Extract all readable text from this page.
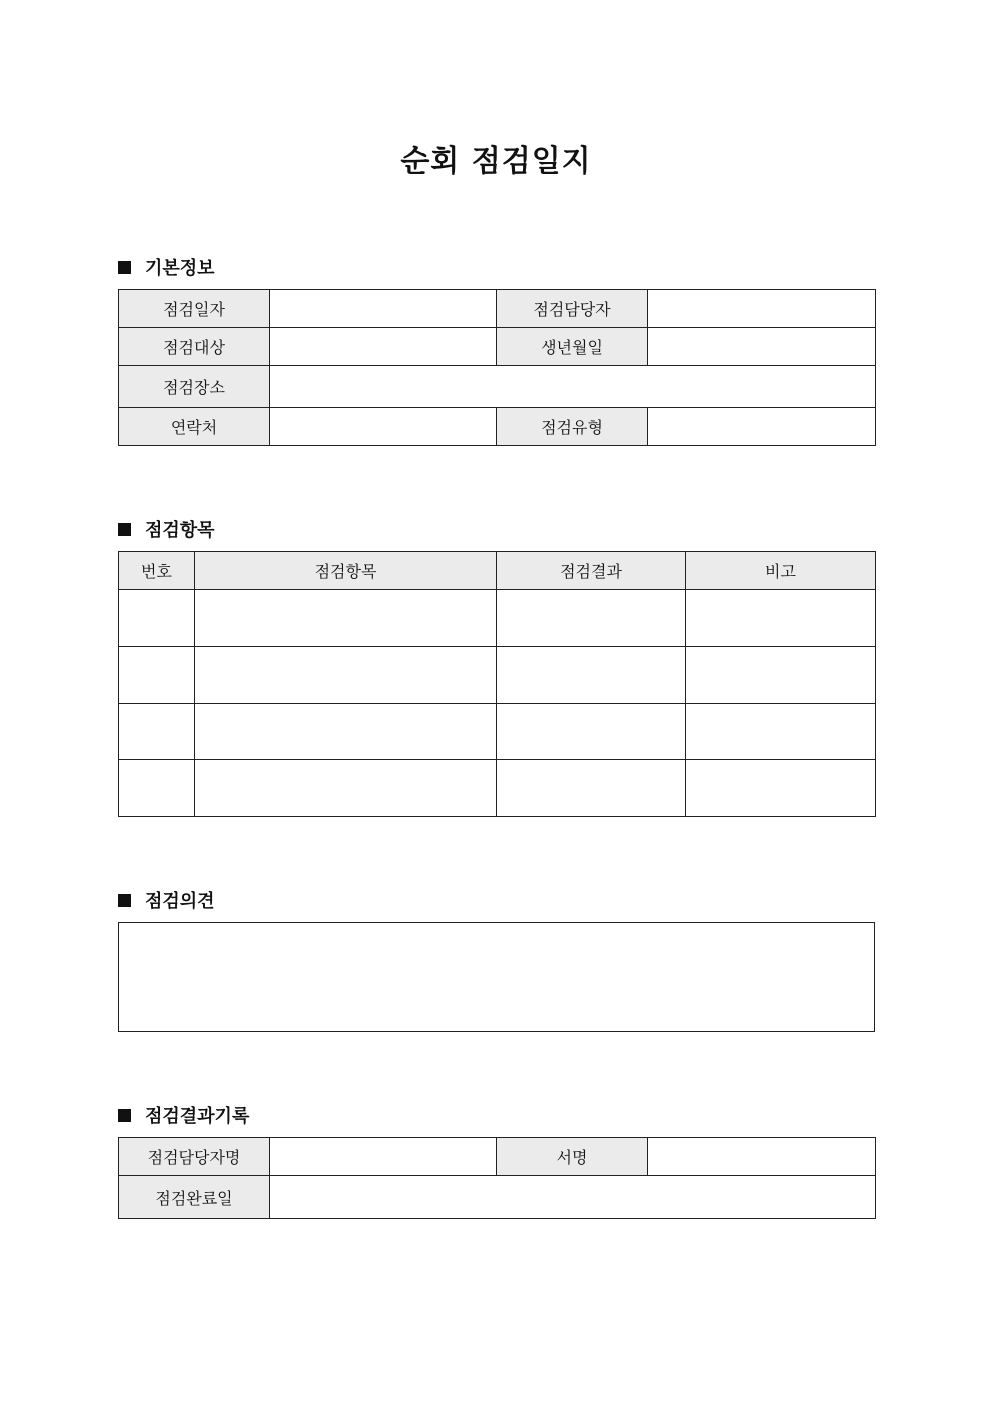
순회 점검일지
기본정보
점검일자		점검담당자	
점검대상		생년월일	
점검장소			
연락처		점검유형	
점검항목
번호	점검항목	점검결과	비고

점검의견
점검결과기록
점검담당자명		서명	
점검완료일			
